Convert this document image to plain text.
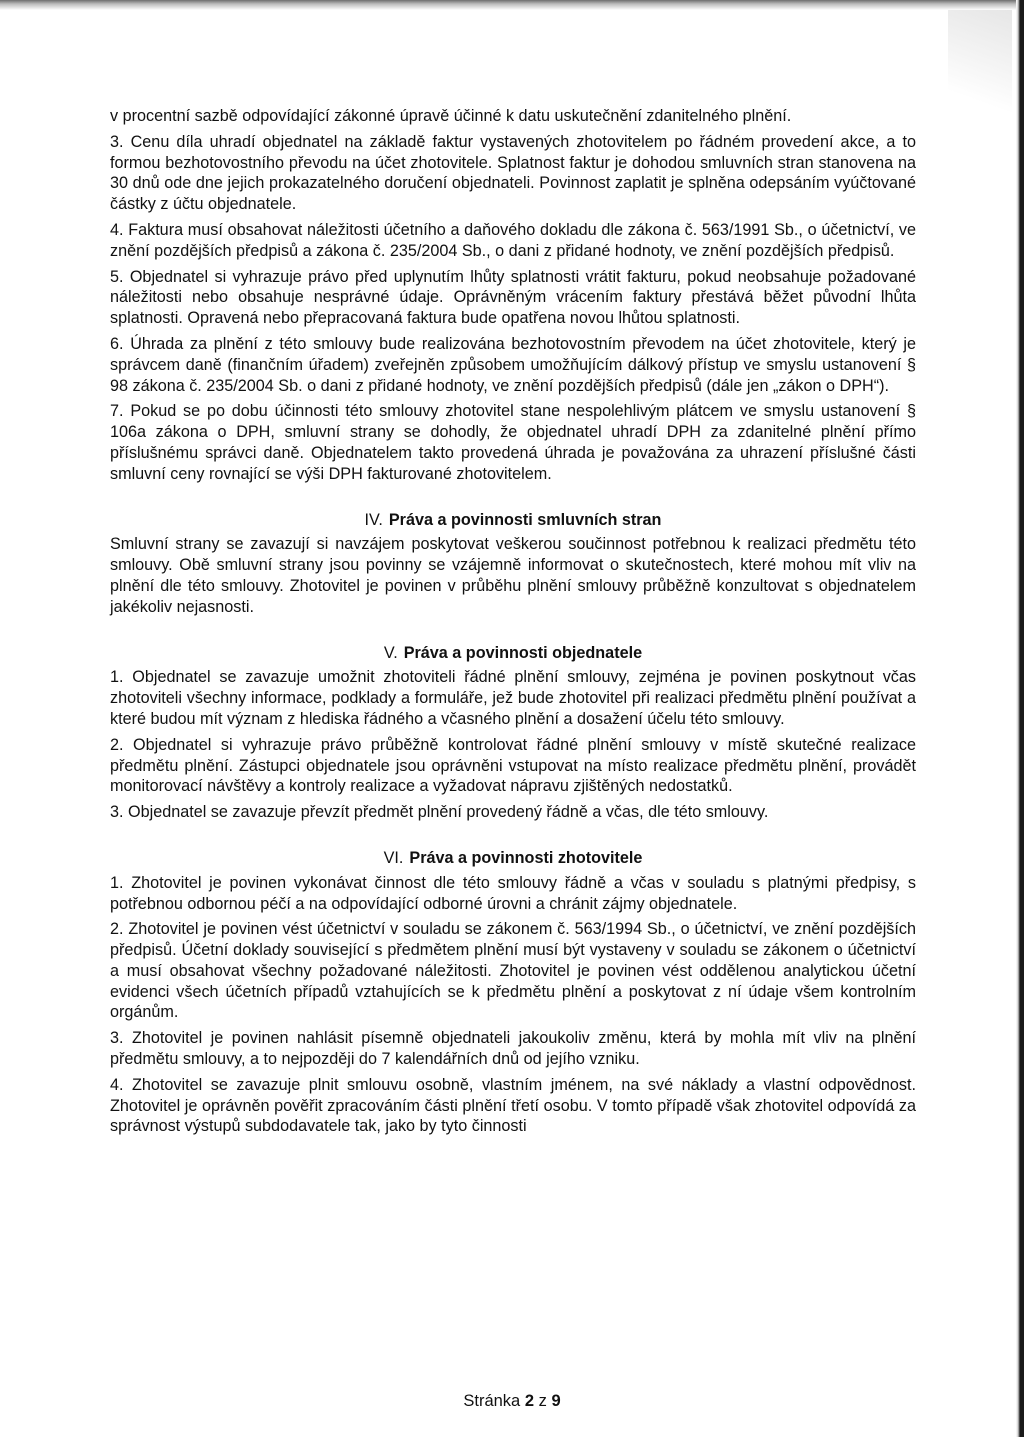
v procentní sazbě odpovídající zákonné úpravě účinné k datu uskutečnění zdanitelného plnění.

3. Cenu díla uhradí objednatel na základě faktur vystavených zhotovitelem po řádném provedení akce, a to formou bezhotovostního převodu na účet zhotovitele. Splatnost faktur je dohodou smluvních stran stanovena na 30 dnů ode dne jejich prokazatelného doručení objednateli. Povinnost zaplatit je splněna odepsáním vyúčtované částky z účtu objednatele.

4. Faktura musí obsahovat náležitosti účetního a daňového dokladu dle zákona č. 563/1991 Sb., o účetnictví, ve znění pozdějších předpisů a zákona č. 235/2004 Sb., o dani z přidané hodnoty, ve znění pozdějších předpisů.

5. Objednatel si vyhrazuje právo před uplynutím lhůty splatnosti vrátit fakturu, pokud neobsahuje požadované náležitosti nebo obsahuje nesprávné údaje. Oprávněným vrácením faktury přestává běžet původní lhůta splatnosti. Opravená nebo přepracovaná faktura bude opatřena novou lhůtou splatnosti.

6. Úhrada za plnění z této smlouvy bude realizována bezhotovostním převodem na účet zhotovitele, který je správcem daně (finančním úřadem) zveřejněn způsobem umožňujícím dálkový přístup ve smyslu ustanovení § 98 zákona č. 235/2004 Sb. o dani z přidané hodnoty, ve znění pozdějších předpisů (dále jen „zákon o DPH“).

7. Pokud se po dobu účinnosti této smlouvy zhotovitel stane nespolehlivým plátcem ve smyslu ustanovení § 106a zákona o DPH, smluvní strany se dohodly, že objednatel uhradí DPH za zdanitelné plnění přímo příslušnému správci daně. Objednatelem takto provedená úhrada je považována za uhrazení příslušné části smluvní ceny rovnající se výši DPH fakturované zhotovitelem.

IV. Práva a povinnosti smluvních stran

Smluvní strany se zavazují si navzájem poskytovat veškerou součinnost potřebnou k realizaci předmětu této smlouvy. Obě smluvní strany jsou povinny se vzájemně informovat o skutečnostech, které mohou mít vliv na plnění dle této smlouvy. Zhotovitel je povinen v průběhu plnění smlouvy průběžně konzultovat s objednatelem jakékoliv nejasnosti.

V. Práva a povinnosti objednatele

1. Objednatel se zavazuje umožnit zhotoviteli řádné plnění smlouvy, zejména je povinen poskytnout včas zhotoviteli všechny informace, podklady a formuláře, jež bude zhotovitel při realizaci předmětu plnění používat a které budou mít význam z hlediska řádného a včasného plnění a dosažení účelu této smlouvy.

2. Objednatel si vyhrazuje právo průběžně kontrolovat řádné plnění smlouvy v místě skutečné realizace předmětu plnění. Zástupci objednatele jsou oprávněni vstupovat na místo realizace předmětu plnění, provádět monitorovací návštěvy a kontroly realizace a vyžadovat nápravu zjištěných nedostatků.

3. Objednatel se zavazuje převzít předmět plnění provedený řádně a včas, dle této smlouvy.

VI. Práva a povinnosti zhotovitele

1. Zhotovitel je povinen vykonávat činnost dle této smlouvy řádně a včas v souladu s platnými předpisy, s potřebnou odbornou péčí a na odpovídající odborné úrovni a chránit zájmy objednatele.

2. Zhotovitel je povinen vést účetnictví v souladu se zákonem č. 563/1994 Sb., o účetnictví, ve znění pozdějších předpisů. Účetní doklady související s předmětem plnění musí být vystaveny v souladu se zákonem o účetnictví a musí obsahovat všechny požadované náležitosti. Zhotovitel je povinen vést oddělenou analytickou účetní evidenci všech účetních případů vztahujících se k předmětu plnění a poskytovat z ní údaje všem kontrolním orgánům.

3. Zhotovitel je povinen nahlásit písemně objednateli jakoukoliv změnu, která by mohla mít vliv na plnění předmětu smlouvy, a to nejpozději do 7 kalendářních dnů od jejího vzniku.

4. Zhotovitel se zavazuje plnit smlouvu osobně, vlastním jménem, na své náklady a vlastní odpovědnost. Zhotovitel je oprávněn pověřit zpracováním části plnění třetí osobu. V tomto případě však zhotovitel odpovídá za správnost výstupů subdodavatele tak, jako by tyto činnosti

Stránka 2 z 9
